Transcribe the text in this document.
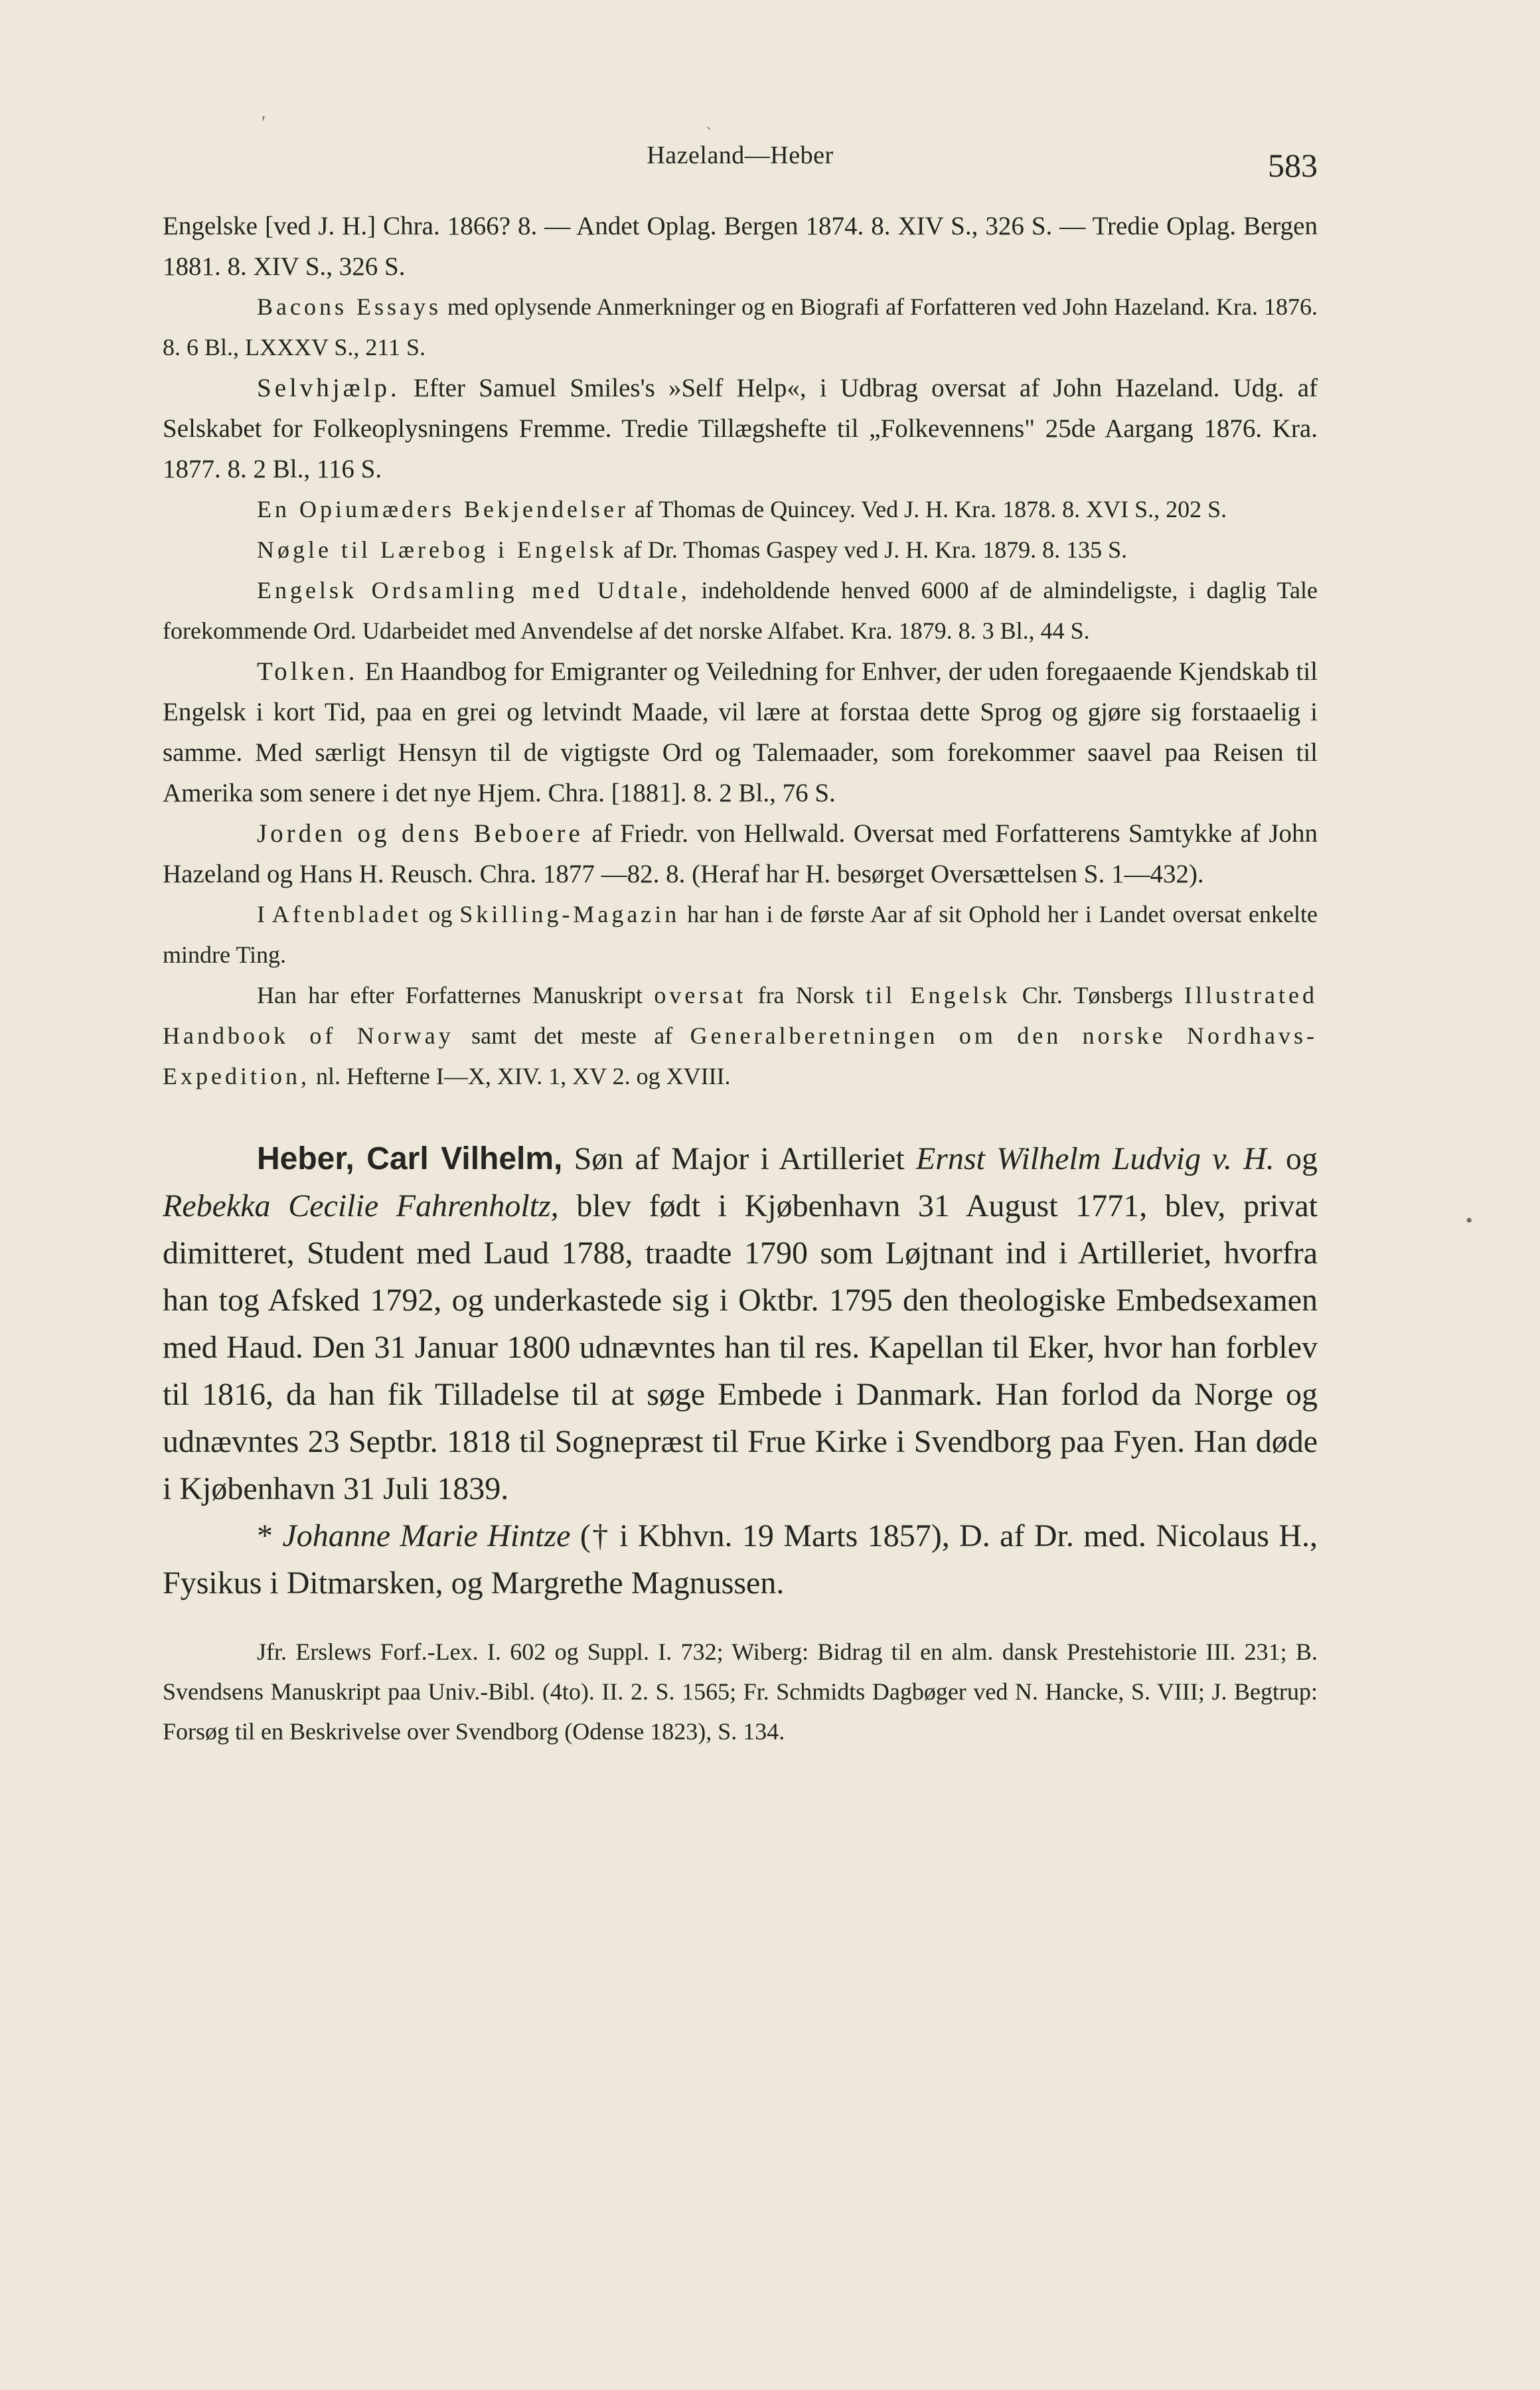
′	ˎ
•
Hazeland—Heber	583

Engelske [ved J. H.] Chra. 1866? 8. — Andet Oplag. Bergen 1874. 8. XIV S., 326 S. — Tredie Oplag. Bergen 1881. 8. XIV S., 326 S.

Bacons Essays med oplysende Anmerkninger og en Biografi af Forfatteren ved John Hazeland. Kra. 1876. 8. 6 Bl., LXXXV S., 211 S.

Selvhjælp. Efter Samuel Smiles's »Self Help«, i Udbrag oversat af John Hazeland. Udg. af Selskabet for Folkeoplysningens Fremme. Tredie Tillægshefte til „Folkevennens" 25de Aargang 1876. Kra. 1877. 8. 2 Bl., 116 S.

En Opiumæders Bekjendelser af Thomas de Quincey. Ved J. H. Kra. 1878. 8. XVI S., 202 S.

Nøgle til Lærebog i Engelsk af Dr. Thomas Gaspey ved J. H. Kra. 1879. 8. 135 S.

Engelsk Ordsamling med Udtale, indeholdende henved 6000 af de almindeligste, i daglig Tale forekommende Ord. Udarbeidet med Anvendelse af det norske Alfabet. Kra. 1879. 8. 3 Bl., 44 S.

Tolken. En Haandbog for Emigranter og Veiledning for Enhver, der uden foregaaende Kjendskab til Engelsk i kort Tid, paa en grei og letvindt Maade, vil lære at forstaa dette Sprog og gjøre sig forstaaelig i samme. Med særligt Hensyn til de vigtigste Ord og Talemaader, som forekommer saavel paa Reisen til Amerika som senere i det nye Hjem. Chra. [1881]. 8. 2 Bl., 76 S.

Jorden og dens Beboere af Friedr. von Hellwald. Oversat med Forfatterens Samtykke af John Hazeland og Hans H. Reusch. Chra. 1877 —82. 8. (Heraf har H. besørget Oversættelsen S. 1—432).

I Aftenbladet og Skilling-Magazin har han i de første Aar af sit Ophold her i Landet oversat enkelte mindre Ting.

Han har efter Forfatternes Manuskript oversat fra Norsk til Engelsk Chr. Tønsbergs Illustrated Handbook of Norway samt det meste af Generalberetningen om den norske Nordhavs-Expedition, nl. Hefterne I—X, XIV. 1, XV 2. og XVIII.

Heber, Carl Vilhelm, Søn af Major i Artilleriet Ernst Wilhelm Ludvig v. H. og Rebekka Cecilie Fahrenholtz, blev født i Kjøbenhavn 31 August 1771, blev, privat dimitteret, Student med Laud 1788, traadte 1790 som Løjtnant ind i Artilleriet, hvorfra han tog Afsked 1792, og underkastede sig i Oktbr. 1795 den theologiske Embedsexamen med Haud. Den 31 Januar 1800 udnævntes han til res. Kapellan til Eker, hvor han forblev til 1816, da han fik Tilladelse til at søge Embede i Danmark. Han forlod da Norge og udnævntes 23 Septbr. 1818 til Sognepræst til Frue Kirke i Svendborg paa Fyen. Han døde i Kjøbenhavn 31 Juli 1839.

* Johanne Marie Hintze († i Kbhvn. 19 Marts 1857), D. af Dr. med. Nicolaus H., Fysikus i Ditmarsken, og Margrethe Magnussen.

Jfr. Erslews Forf.-Lex. I. 602 og Suppl. I. 732; Wiberg: Bidrag til en alm. dansk Prestehistorie III. 231; B. Svendsens Manuskript paa Univ.-Bibl. (4to). II. 2. S. 1565; Fr. Schmidts Dagbøger ved N. Hancke, S. VIII; J. Begtrup: Forsøg til en Beskrivelse over Svendborg (Odense 1823), S. 134.
